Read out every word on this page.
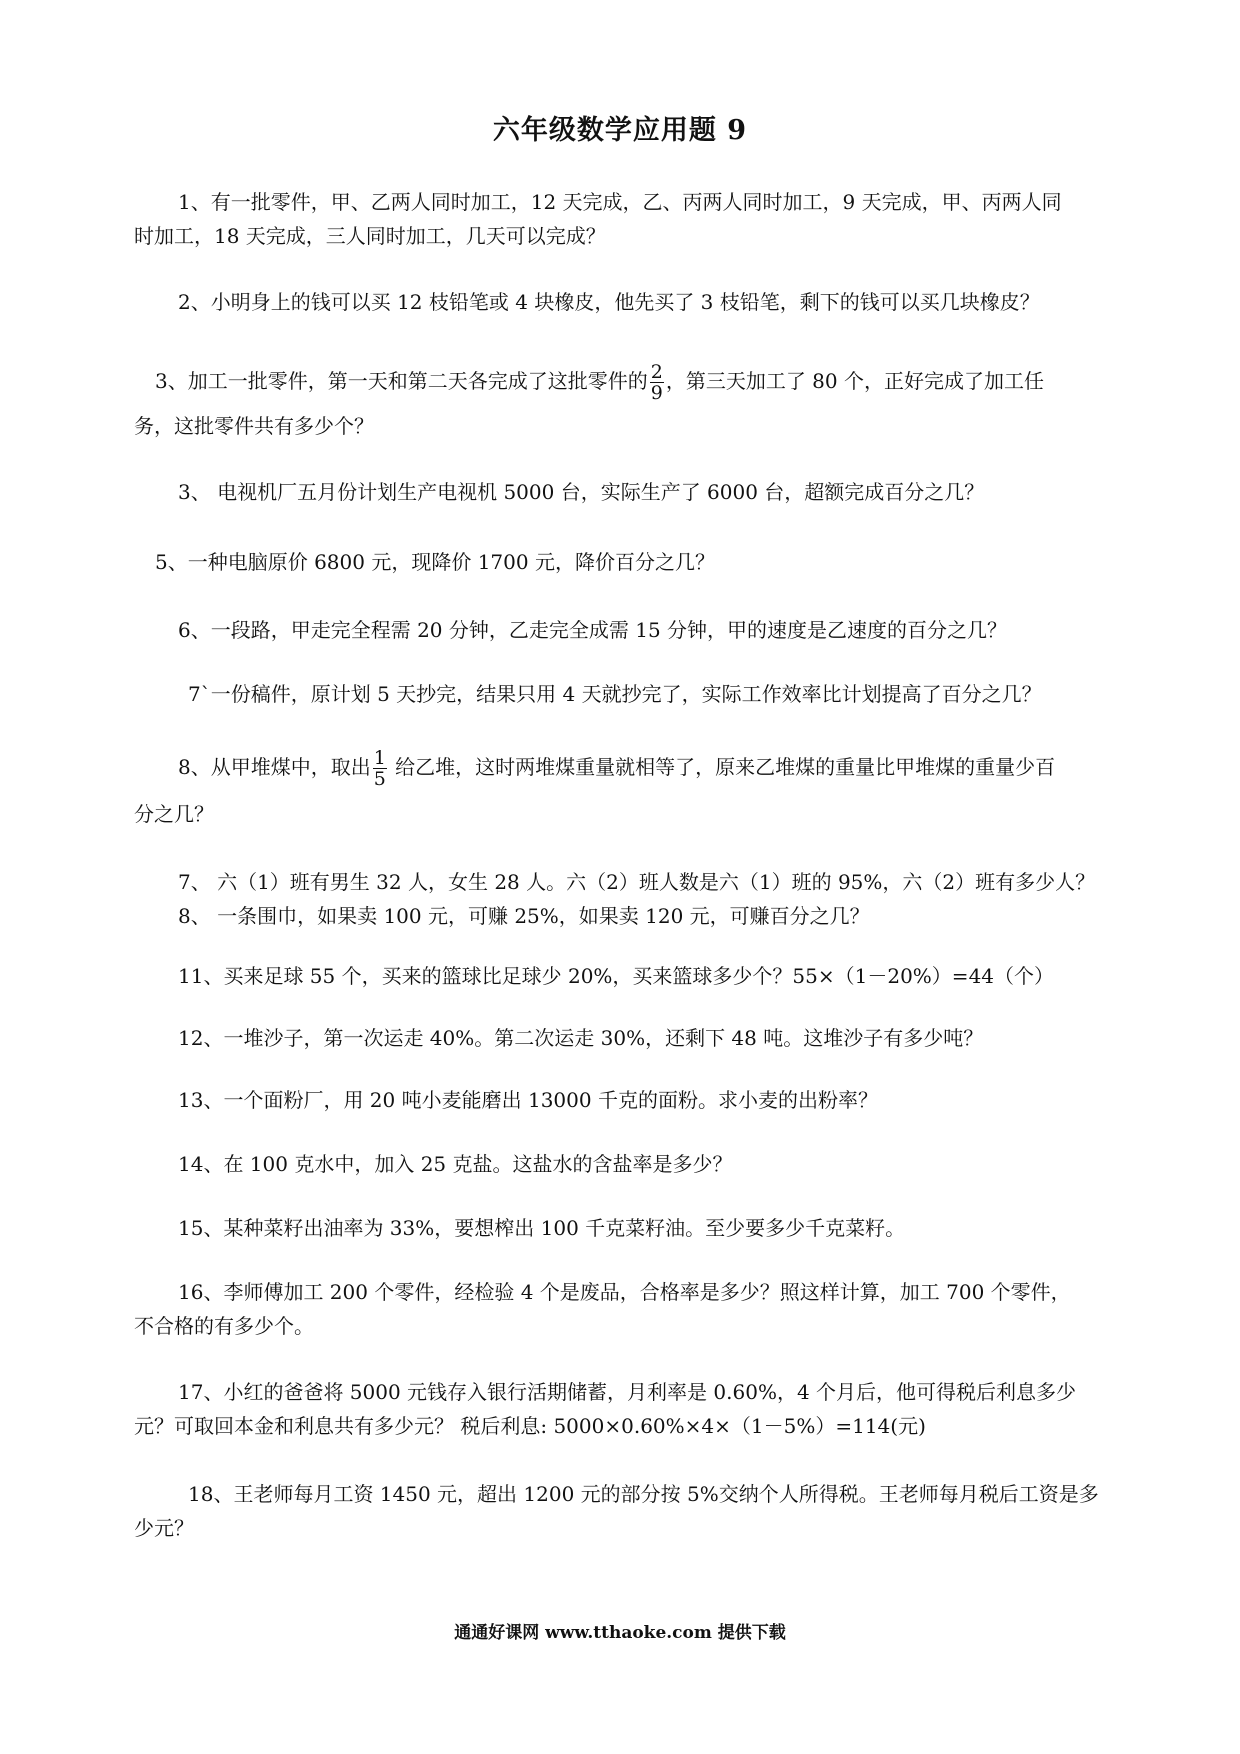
六年级数学应用题 9
1、有一批零件，甲、乙两人同时加工，12 天完成，乙、丙两人同时加工，9 天完成，甲、丙两人同
时加工，18 天完成，三人同时加工，几天可以完成？
2、小明身上的钱可以买 12 枝铅笔或 4 块橡皮，他先买了 3 枝铅笔，剩下的钱可以买几块橡皮？
3、加工一批零件，第一天和第二天各完成了这批零件的 $\frac{2}{9}$ ，第三天加工了 80 个，正好完成了加工任
务，这批零件共有多少个？
3、 电视机厂五月份计划生产电视机 5000 台，实际生产了 6000 台，超额完成百分之几？
5、一种电脑原价 6800 元，现降价 1700 元，降价百分之几？
6、一段路，甲走完全程需 20 分钟，乙走完全成需 15 分钟，甲的速度是乙速度的百分之几？
7`一份稿件，原计划 5 天抄完，结果只用 4 天就抄完了，实际工作效率比计划提高了百分之几？
8、从甲堆煤中，取出 $\frac{1}{5}$ 给乙堆，这时两堆煤重量就相等了，原来乙堆煤的重量比甲堆煤的重量少百
分之几？
7、 六（1）班有男生 32 人，女生 28 人。六（2）班人数是六（1）班的 95%，六（2）班有多少人？
8、 一条围巾，如果卖 100 元，可赚 25%，如果卖 120 元，可赚百分之几？
11、买来足球 55 个，买来的篮球比足球少 20%，买来篮球多少个？55×（1－20%）=44（个）
12、一堆沙子，第一次运走 40%。第二次运走 30%，还剩下 48 吨。这堆沙子有多少吨？
13、一个面粉厂，用 20 吨小麦能磨出 13000 千克的面粉。求小麦的出粉率？
14、在 100 克水中，加入 25 克盐。这盐水的含盐率是多少？
15、某种菜籽出油率为 33%，要想榨出 100 千克菜籽油。至少要多少千克菜籽。
16、李师傅加工 200 个零件，经检验 4 个是废品，合格率是多少？照这样计算，加工 700 个零件，
不合格的有多少个。
17、小红的爸爸将 5000 元钱存入银行活期储蓄，月利率是 0.60%，4 个月后，他可得税后利息多少
元？可取回本金和利息共有多少元？ 税后利息: 5000×0.60%×4×（1－5%）=114(元)
18、王老师每月工资 1450 元，超出 1200 元的部分按 5%交纳个人所得税。王老师每月税后工资是多
少元？
通通好课网 www.tthaoke.com 提供下载
